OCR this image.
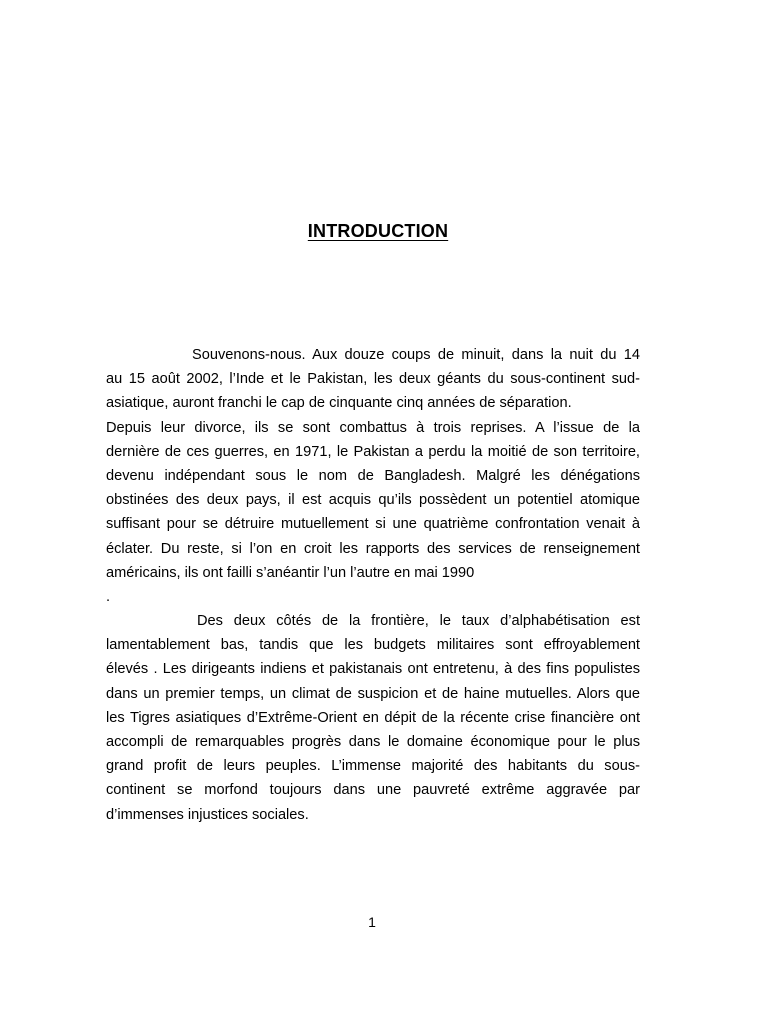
INTRODUCTION
Souvenons-nous. Aux douze coups de minuit, dans la nuit du 14
au 15 août 2002, l’Inde et le Pakistan, les deux géants du sous-continent sud-
asiatique, auront franchi le cap de cinquante cinq années de séparation.
Depuis leur divorce, ils se sont combattus à trois reprises. A l’issue de la
dernière de ces guerres, en 1971, le Pakistan a perdu la moitié de son territoire,
devenu indépendant sous le nom de Bangladesh. Malgré les dénégations
obstinées des deux pays, il est acquis qu’ils possèdent un potentiel atomique
suffisant pour se détruire mutuellement si une quatrième confrontation venait à
éclater. Du reste, si l’on en croit les rapports des services de renseignement
américains, ils ont failli s’anéantir l’un l’autre en mai 1990
.
Des deux côtés de la frontière, le taux d’alphabétisation est
lamentablement bas, tandis que les budgets militaires sont effroyablement
élevés . Les dirigeants indiens et pakistanais ont entretenu, à des fins populistes
dans un premier temps, un climat de suspicion et de haine mutuelles. Alors que
les Tigres asiatiques d’Extrême-Orient en dépit de la récente crise financière ont
accompli de remarquables progrès dans le domaine économique pour le plus
grand profit de leurs peuples. L’immense majorité des habitants du sous-
continent se morfond toujours dans une pauvreté extrême aggravée par
d’immenses injustices sociales.
1
